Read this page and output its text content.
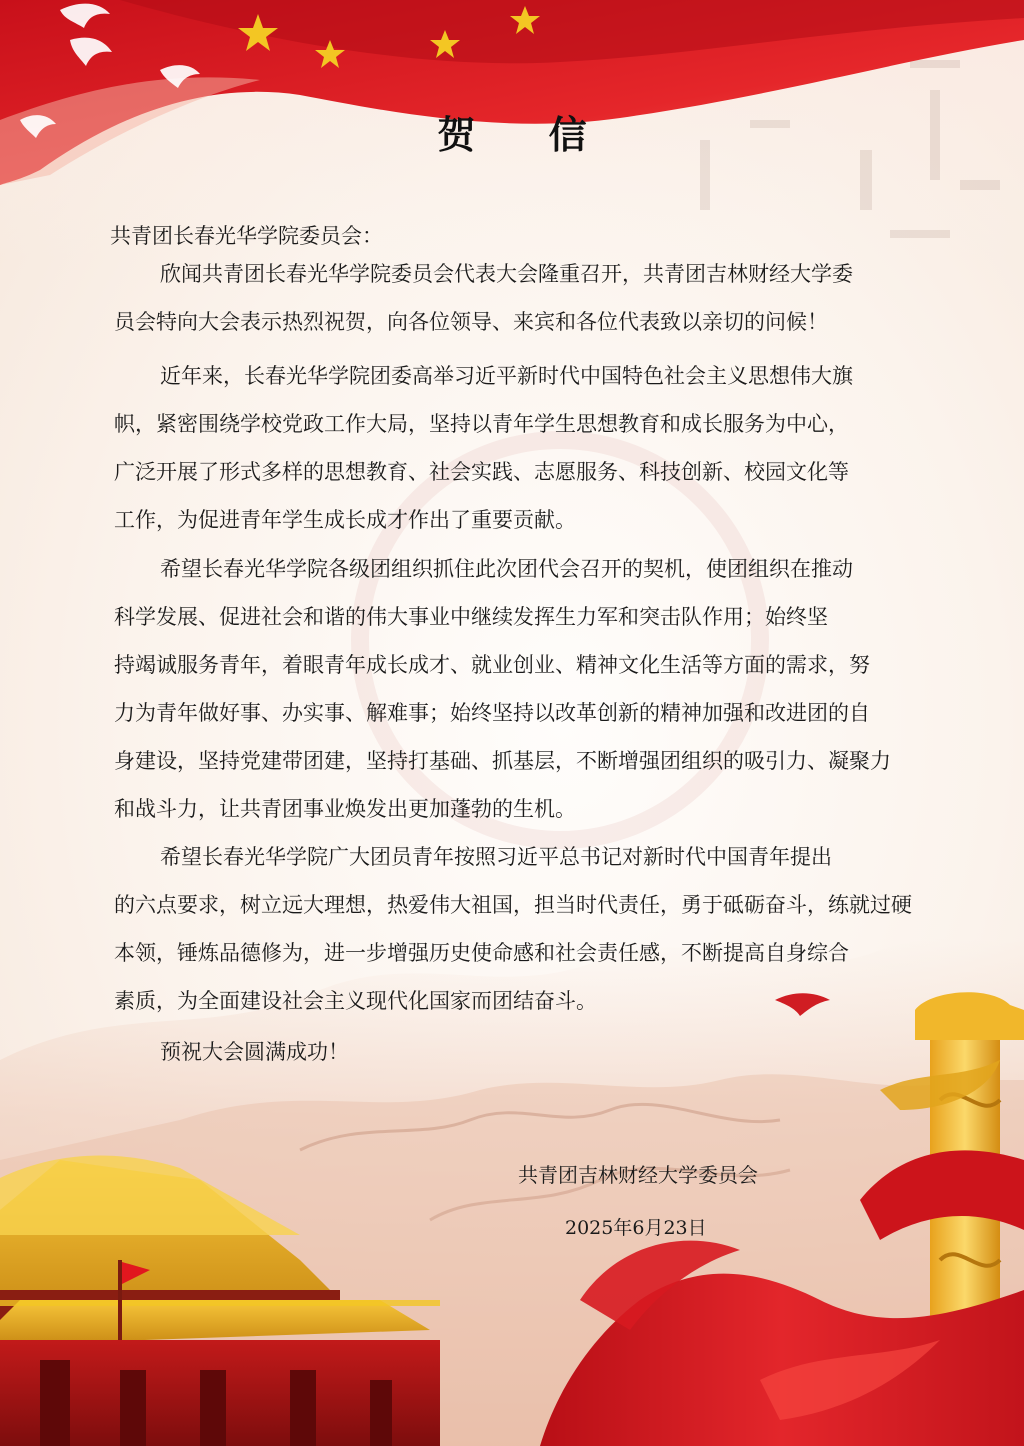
贺 信
共青团长春光华学院委员会：
欣闻共青团长春光华学院委员会代表大会隆重召开，共青团吉林财经大学委
员会特向大会表示热烈祝贺，向各位领导、来宾和各位代表致以亲切的问候！
近年来，长春光华学院团委高举习近平新时代中国特色社会主义思想伟大旗
帜，紧密围绕学校党政工作大局，坚持以青年学生思想教育和成长服务为中心，
广泛开展了形式多样的思想教育、社会实践、志愿服务、科技创新、校园文化等
工作，为促进青年学生成长成才作出了重要贡献。
希望长春光华学院各级团组织抓住此次团代会召开的契机，使团组织在推动
科学发展、促进社会和谐的伟大事业中继续发挥生力军和突击队作用；始终坚
持竭诚服务青年，着眼青年成长成才、就业创业、精神文化生活等方面的需求，努
力为青年做好事、办实事、解难事；始终坚持以改革创新的精神加强和改进团的自
身建设，坚持党建带团建，坚持打基础、抓基层，不断增强团组织的吸引力、凝聚力
和战斗力，让共青团事业焕发出更加蓬勃的生机。
希望长春光华学院广大团员青年按照习近平总书记对新时代中国青年提出
的六点要求，树立远大理想，热爱伟大祖国，担当时代责任，勇于砥砺奋斗，练就过硬
本领，锤炼品德修为，进一步增强历史使命感和社会责任感，不断提高自身综合
素质，为全面建设社会主义现代化国家而团结奋斗。
预祝大会圆满成功！
共青团吉林财经大学委员会
2025年6月23日
